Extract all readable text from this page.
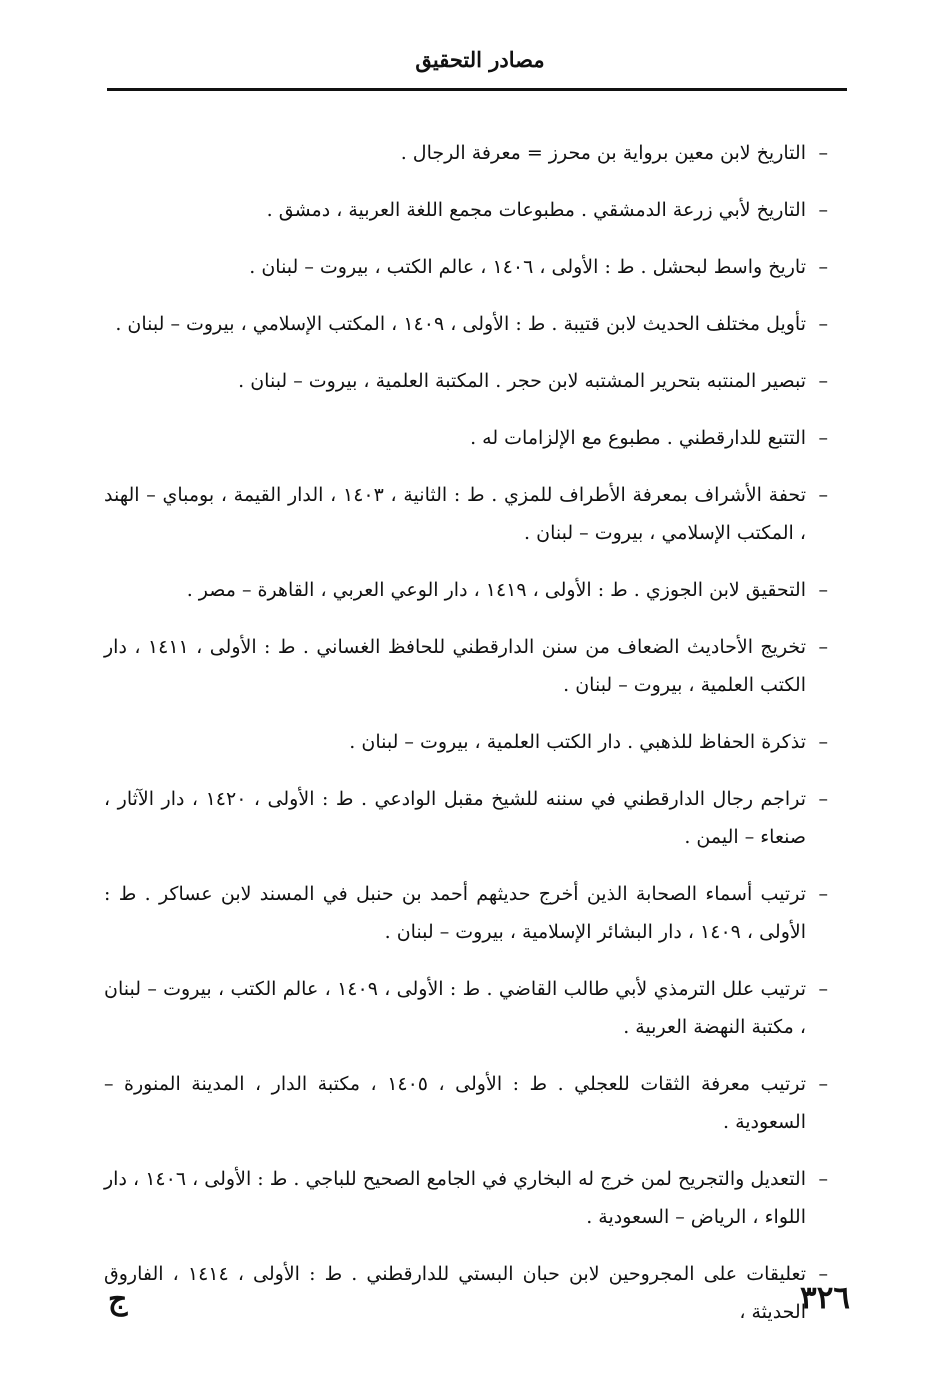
مصادر التحقيق
–
التاريخ لابن معين برواية بن محرز = معرفة الرجال .
–
التاريخ لأبي زرعة الدمشقي . مطبوعات مجمع اللغة العربية ، دمشق .
–
تاريخ واسط لبحشل . ط : الأولى ، ١٤٠٦ ، عالم الكتب ، بيروت – لبنان .
–
تأويل مختلف الحديث لابن قتيبة . ط : الأولى ، ١٤٠٩ ، المكتب الإسلامي ، بيروت – لبنان .
–
تبصير المنتبه بتحرير المشتبه لابن حجر . المكتبة العلمية ، بيروت – لبنان .
–
التتبع للدارقطني . مطبوع مع الإلزامات له .
–
تحفة الأشراف بمعرفة الأطراف للمزي . ط : الثانية ، ١٤٠٣ ، الدار القيمة ، بومباي – الهند ، المكتب الإسلامي ، بيروت – لبنان .
–
التحقيق لابن الجوزي . ط : الأولى ، ١٤١٩ ، دار الوعي العربي ، القاهرة – مصر .
–
تخريج الأحاديث الضعاف من سنن الدارقطني للحافظ الغساني . ط : الأولى ، ١٤١١ ، دار الكتب العلمية ، بيروت – لبنان .
–
تذكرة الحفاظ للذهبي . دار الكتب العلمية ، بيروت – لبنان .
–
تراجم رجال الدارقطني في سننه للشيخ مقبل الوادعي . ط : الأولى ، ١٤٢٠ ، دار الآثار ، صنعاء – اليمن .
–
ترتيب أسماء الصحابة الذين أخرج حديثهم أحمد بن حنبل في المسند لابن عساكر . ط : الأولى ، ١٤٠٩ ، دار البشائر الإسلامية ، بيروت – لبنان .
–
ترتيب علل الترمذي لأبي طالب القاضي . ط : الأولى ، ١٤٠٩ ، عالم الكتب ، بيروت – لبنان ، مكتبة النهضة العربية .
–
ترتيب معرفة الثقات للعجلي . ط : الأولى ، ١٤٠٥ ، مكتبة الدار ، المدينة المنورة – السعودية .
–
التعديل والتجريح لمن خرج له البخاري في الجامع الصحيح للباجي . ط : الأولى ، ١٤٠٦ ، دار اللواء ، الرياض – السعودية .
–
تعليقات على المجروحين لابن حبان البستي للدارقطني . ط : الأولى ، ١٤١٤ ، الفاروق الحديثة ،
٣٢٦
ج
